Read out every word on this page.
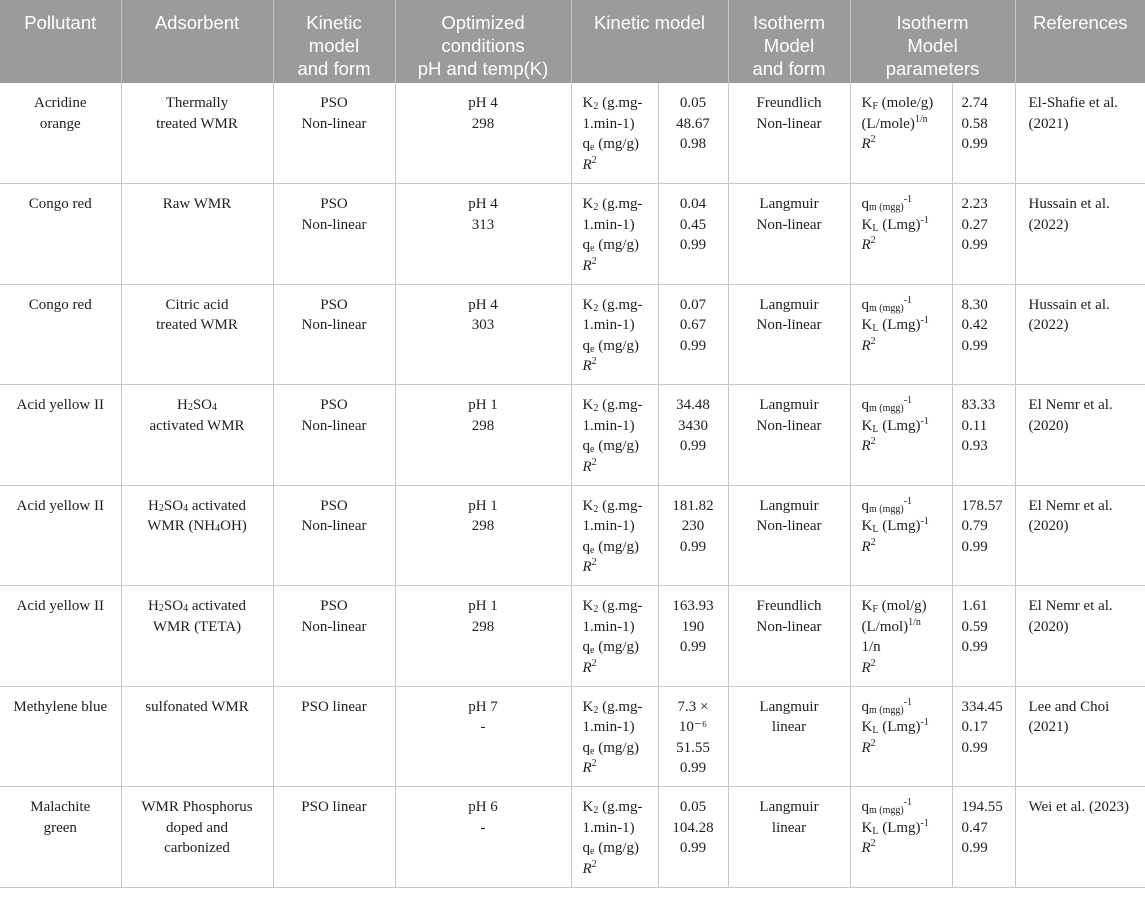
Pollutant	Adsorbent	Kinetic
model
and form	Optimized
conditions
pH and temp(K)	Kinetic model		Isotherm
Model
and form	Isotherm
Model
parameters		References

Acridine
orange	Thermally
treated WMR	PSO
Non-linear	pH 4
298	$K_2$ (g.mg-
1.min-1)
$q_e$ (mg/g)
$R^2$	0.05
48.67
0.98	Freundlich
Non-linear	$K_F$ (mole/g)
(L/mole)$^{1/n}$
$R^2$	2.74
0.58
0.99	El-Shafie et al.
(2021)

Congo red	Raw WMR	PSO
Non-linear	pH 4
313	$K_2$ (g.mg-
1.min-1)
$q_e$ (mg/g)
$R^2$	0.04
0.45
0.99	Langmuir
Non-linear	$q_{m (mgg)}^{-1}$
$K_L$ (Lmg)$^{-1}$
$R^2$	2.23
0.27
0.99	Hussain et al.
(2022)

Congo red	Citric acid
treated WMR	PSO
Non-linear	pH 4
303	$K_2$ (g.mg-
1.min-1)
$q_e$ (mg/g)
$R^2$	0.07
0.67
0.99	Langmuir
Non-linear	$q_{m (mgg)}^{-1}$
$K_L$ (Lmg)$^{-1}$
$R^2$	8.30
0.42
0.99	Hussain et al.
(2022)

Acid yellow II	$H_2SO_4$
activated WMR	PSO
Non-linear	pH 1
298	$K_2$ (g.mg-
1.min-1)
$q_e$ (mg/g)
$R^2$	34.48
3430
0.99	Langmuir
Non-linear	$q_{m (mgg)}^{-1}$
$K_L$ (Lmg)$^{-1}$
$R^2$	83.33
0.11
0.93	El Nemr et al.
(2020)

Acid yellow II	$H_2SO_4$ activated
WMR $(NH_4OH)$	PSO
Non-linear	pH 1
298	$K_2$ (g.mg-
1.min-1)
$q_e$ (mg/g)
$R^2$	181.82
230
0.99	Langmuir
Non-linear	$q_{m (mgg)}^{-1}$
$K_L$ (Lmg)$^{-1}$
$R^2$	178.57
0.79
0.99	El Nemr et al.
(2020)

Acid yellow II	$H_2SO_4$ activated
WMR (TETA)	PSO
Non-linear	pH 1
298	$K_2$ (g.mg-
1.min-1)
$q_e$ (mg/g)
$R^2$	163.93
190
0.99	Freundlich
Non-linear	$K_F$ (mol/g)
$(L/mol)^{1/n}$
1/n
$R^2$	1.61
0.59
0.99	El Nemr et al.
(2020)

Methylene blue	sulfonated WMR	PSO linear	pH 7
-	$K_2$ (g.mg-
1.min-1)
$q_e$ (mg/g)
$R^2$	7.3 ×
10⁻⁶
51.55
0.99	Langmuir
linear	$q_{m (mgg)}^{-1}$
$K_L$ (Lmg)$^{-1}$
$R^2$	334.45
0.17
0.99	Lee and Choi
(2021)

Malachite
green	WMR Phosphorus
doped and
carbonized	PSO linear	pH 6
-	$K_2$ (g.mg-
1.min-1)
$q_e$ (mg/g)
$R^2$	0.05
104.28
0.99	Langmuir
linear	$q_{m (mgg)}^{-1}$
$K_L$ (Lmg)$^{-1}$
$R^2$	194.55
0.47
0.99	Wei et al. (2023)
